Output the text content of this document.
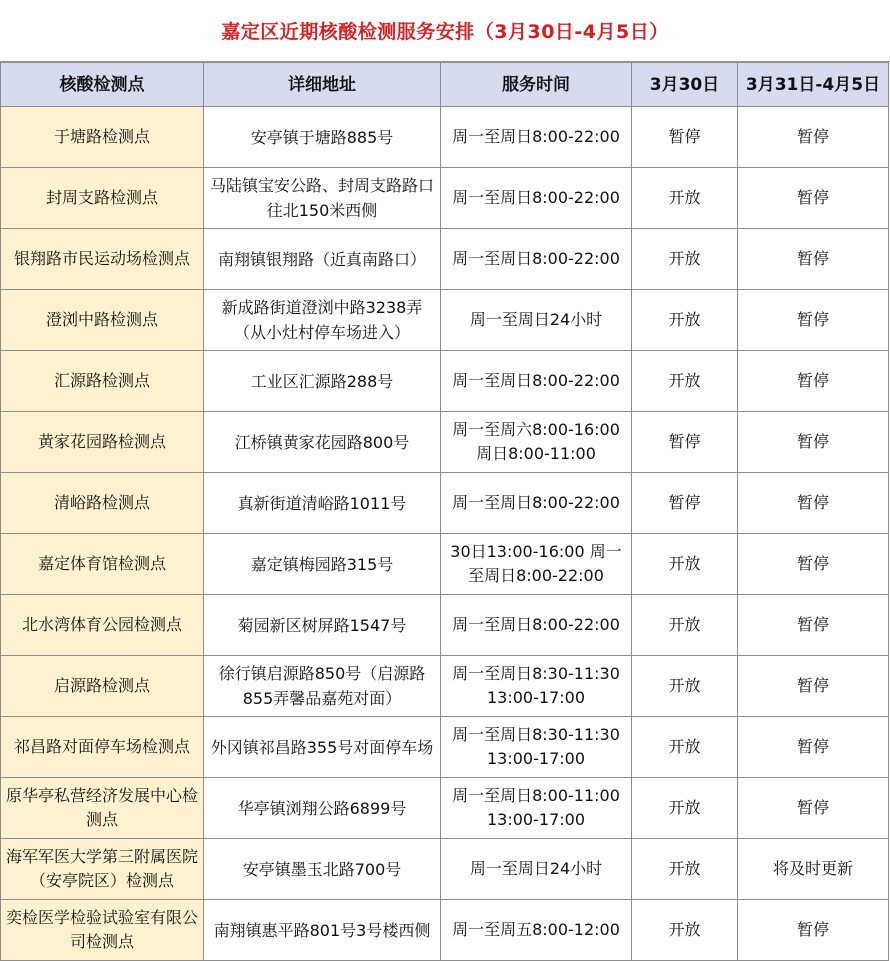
嘉定区近期核酸检测服务安排（3月30日-4月5日）
核酸检测点	详细地址	服务时间	3月30日	3月31日-4月5日
于塘路检测点	安亭镇于塘路885号	周一至周日8:00-22:00	暂停	暂停
封周支路检测点	马陆镇宝安公路、封周支路路口往北150米西侧	周一至周日8:00-22:00	开放	暂停
银翔路市民运动场检测点	南翔镇银翔路（近真南路口）	周一至周日8:00-22:00	开放	暂停
澄浏中路检测点	新成路街道澄浏中路3238弄（从小灶村停车场进入）	周一至周日24小时	开放	暂停
汇源路检测点	工业区汇源路288号	周一至周日8:00-22:00	开放	暂停
黄家花园路检测点	江桥镇黄家花园路800号	周一至周六8:00-16:00 周日8:00-11:00	暂停	暂停
清峪路检测点	真新街道清峪路1011号	周一至周日8:00-22:00	暂停	暂停
嘉定体育馆检测点	嘉定镇梅园路315号	30日13:00-16:00 周一至周日8:00-22:00	开放	暂停
北水湾体育公园检测点	菊园新区树屏路1547号	周一至周日8:00-22:00	开放	暂停
启源路检测点	徐行镇启源路850号（启源路855弄馨品嘉苑对面）	周一至周日8:30-11:30 13:00-17:00	开放	暂停
祁昌路对面停车场检测点	外冈镇祁昌路355号对面停车场	周一至周日8:30-11:30 13:00-17:00	开放	暂停
原华亭私营经济发展中心检测点	华亭镇浏翔公路6899号	周一至周日8:00-11:00 13:00-17:00	开放	暂停
海军军医大学第三附属医院（安亭院区）检测点	安亭镇墨玉北路700号	周一至周日24小时	开放	将及时更新
奕检医学检验试验室有限公司检测点	南翔镇惠平路801号3号楼西侧	周一至周五8:00-12:00	开放	暂停
